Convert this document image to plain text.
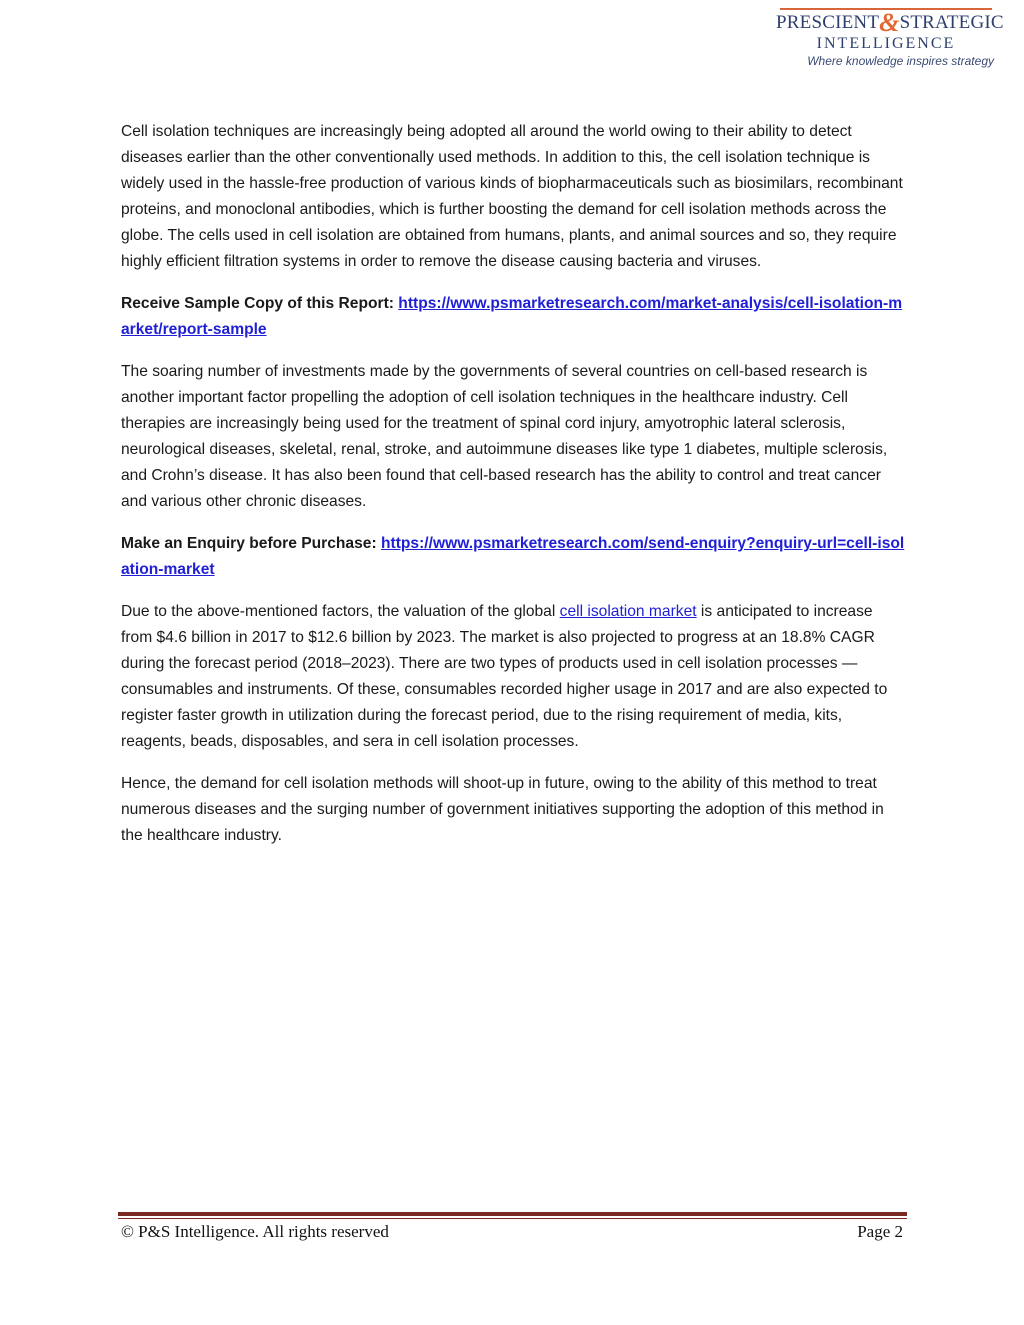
PRESCIENT&STRATEGIC
INTELLIGENCE
Where knowledge inspires strategy

Cell isolation techniques are increasingly being adopted all around the world owing to their ability to detect diseases earlier than the other conventionally used methods. In addition to this, the cell isolation technique is widely used in the hassle-free production of various kinds of biopharmaceuticals such as biosimilars, recombinant proteins, and monoclonal antibodies, which is further boosting the demand for cell isolation methods across the globe. The cells used in cell isolation are obtained from humans, plants, and animal sources and so, they require highly efficient filtration systems in order to remove the disease causing bacteria and viruses.

Receive Sample Copy of this Report: https://www.psmarketresearch.com/market-analysis/cell-isolation-market/report-sample

The soaring number of investments made by the governments of several countries on cell-based research is another important factor propelling the adoption of cell isolation techniques in the healthcare industry. Cell therapies are increasingly being used for the treatment of spinal cord injury, amyotrophic lateral sclerosis, neurological diseases, skeletal, renal, stroke, and autoimmune diseases like type 1 diabetes, multiple sclerosis, and Crohn’s disease. It has also been found that cell-based research has the ability to control and treat cancer and various other chronic diseases.

Make an Enquiry before Purchase: https://www.psmarketresearch.com/send-enquiry?enquiry-url=cell-isolation-market

Due to the above-mentioned factors, the valuation of the global cell isolation market is anticipated to increase from $4.6 billion in 2017 to $12.6 billion by 2023. The market is also projected to progress at an 18.8% CAGR during the forecast period (2018–2023). There are two types of products used in cell isolation processes — consumables and instruments. Of these, consumables recorded higher usage in 2017 and are also expected to register faster growth in utilization during the forecast period, due to the rising requirement of media, kits, reagents, beads, disposables, and sera in cell isolation processes.

Hence, the demand for cell isolation methods will shoot-up in future, owing to the ability of this method to treat numerous diseases and the surging number of government initiatives supporting the adoption of this method in the healthcare industry.

© P&S Intelligence. All rights reserved	Page 2
